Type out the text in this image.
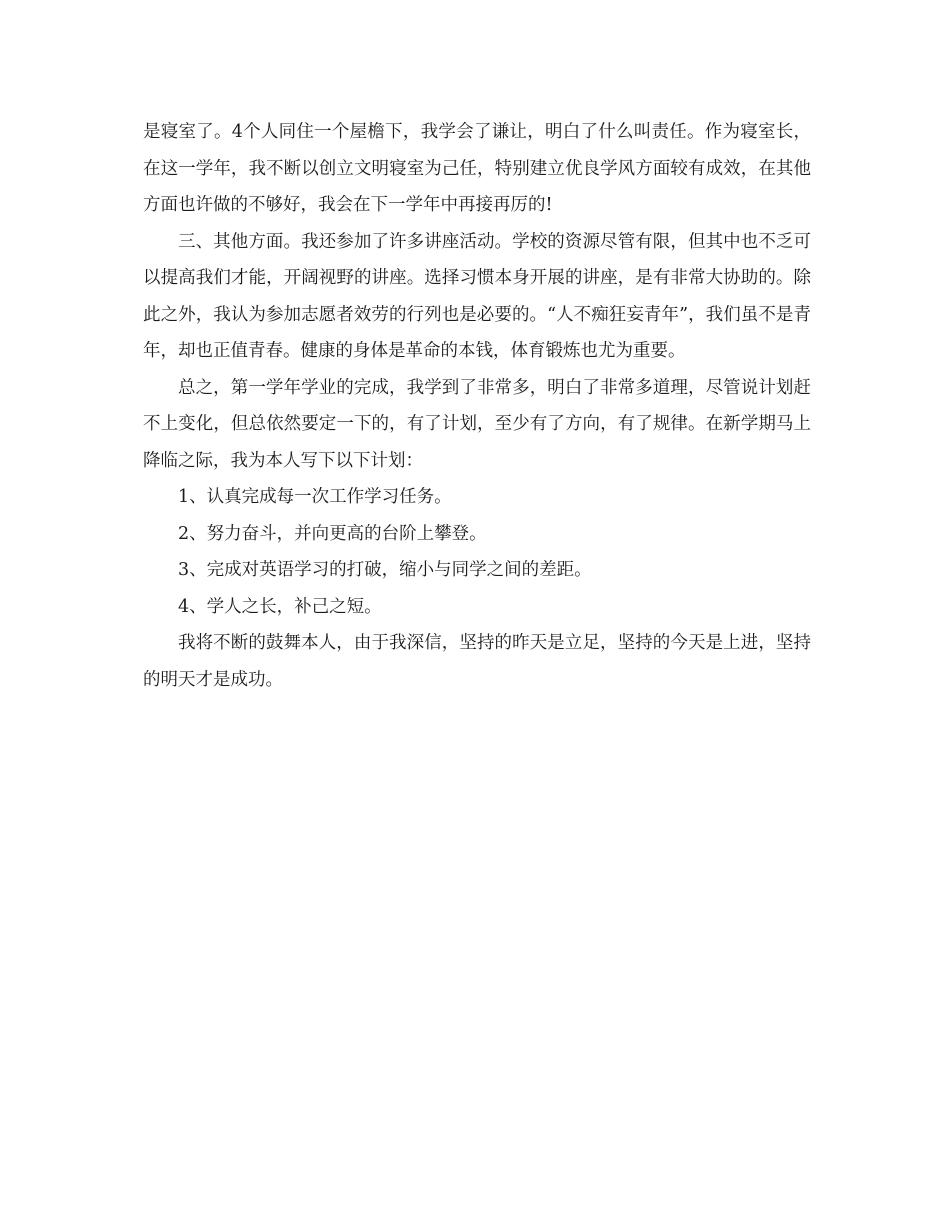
是寝室了。4个人同住一个屋檐下，我学会了谦让，明白了什么叫责任。作为寝室长，在这一学年，我不断以创立文明寝室为己任，特别建立优良学风方面较有成效，在其他方面也许做的不够好，我会在下一学年中再接再厉的!

三、其他方面。我还参加了许多讲座活动。学校的资源尽管有限，但其中也不乏可以提高我们才能，开阔视野的讲座。选择习惯本身开展的讲座，是有非常大协助的。除此之外，我认为参加志愿者效劳的行列也是必要的。“人不痴狂妄青年”，我们虽不是青年，却也正值青春。健康的身体是革命的本钱，体育锻炼也尤为重要。

总之，第一学年学业的完成，我学到了非常多，明白了非常多道理，尽管说计划赶不上变化，但总依然要定一下的，有了计划，至少有了方向，有了规律。在新学期马上降临之际，我为本人写下以下计划：

1、认真完成每一次工作学习任务。

2、努力奋斗，并向更高的台阶上攀登。

3、完成对英语学习的打破，缩小与同学之间的差距。

4、学人之长，补己之短。

我将不断的鼓舞本人，由于我深信，坚持的昨天是立足，坚持的今天是上进，坚持的明天才是成功。
